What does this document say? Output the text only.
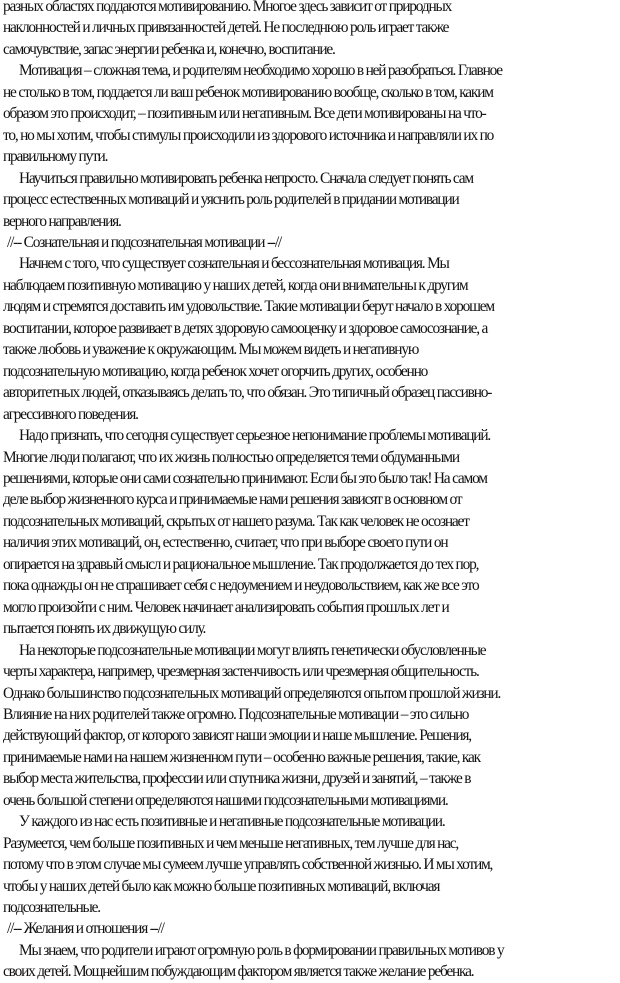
разных областях поддаются мотивированию. Многое здесь зависит от природных
наклонностей и личных привязанностей детей. Не последнюю роль играет также
самочувствие, запас энергии ребенка и, конечно, воспитание.
Мотивация – сложная тема, и родителям необходимо хорошо в ней разобраться. Главное
не столько в том, поддается ли ваш ребенок мотивированию вообще, сколько в том, каким
образом это происходит, – позитивным или негативным. Все дети мотивированы на что-
то, но мы хотим, чтобы стимулы происходили из здорового источника и направляли их по
правильному пути.
Научиться правильно мотивировать ребенка непросто. Сначала следует понять сам
процесс естественных мотиваций и уяснить роль родителей в придании мотивации
верного направления.
//-- Сознательная и подсознательная мотивации --//
Начнем с того, что существует сознательная и бессознательная мотивация. Мы
наблюдаем позитивную мотивацию у наших детей, когда они внимательны к другим
людям и стремятся доставить им удовольствие. Такие мотивации берут начало в хорошем
воспитании, которое развивает в детях здоровую самооценку и здоровое самосознание, а
также любовь и уважение к окружающим. Мы можем видеть и негативную
подсознательную мотивацию, когда ребенок хочет огорчить других, особенно
авторитетных людей, отказываясь делать то, что обязан. Это типичный образец пассивно-
агрессивного поведения.
Надо признать, что сегодня существует серьезное непонимание проблемы мотиваций.
Многие люди полагают, что их жизнь полностью определяется теми обдуманными
решениями, которые они сами сознательно принимают. Если бы это было так! На самом
деле выбор жизненного курса и принимаемые нами решения зависят в основном от
подсознательных мотиваций, скрытых от нашего разума. Так как человек не осознает
наличия этих мотиваций, он, естественно, считает, что при выборе своего пути он
опирается на здравый смысл и рациональное мышление. Так продолжается до тех пор,
пока однажды он не спрашивает себя с недоумением и неудовольствием, как же все это
могло произойти с ним. Человек начинает анализировать события прошлых лет и
пытается понять их движущую силу.
На некоторые подсознательные мотивации могут влиять генетически обусловленные
черты характера, например, чрезмерная застенчивость или чрезмерная общительность.
Однако большинство подсознательных мотиваций определяются опытом прошлой жизни.
Влияние на них родителей также огромно. Подсознательные мотивации – это сильно
действующий фактор, от которого зависят наши эмоции и наше мышление. Решения,
принимаемые нами на нашем жизненном пути – особенно важные решения, такие, как
выбор места жительства, профессии или спутника жизни, друзей и занятий, – также в
очень большой степени определяются нашими подсознательными мотивациями.
У каждого из нас есть позитивные и негативные подсознательные мотивации.
Разумеется, чем больше позитивных и чем меньше негативных, тем лучше для нас,
потому что в этом случае мы сумеем лучше управлять собственной жизнью. И мы хотим,
чтобы у наших детей было как можно больше позитивных мотиваций, включая
подсознательные.
//-- Желания и отношения --//
Мы знаем, что родители играют огромную роль в формировании правильных мотивов у
своих детей. Мощнейшим побуждающим фактором является также желание ребенка.
